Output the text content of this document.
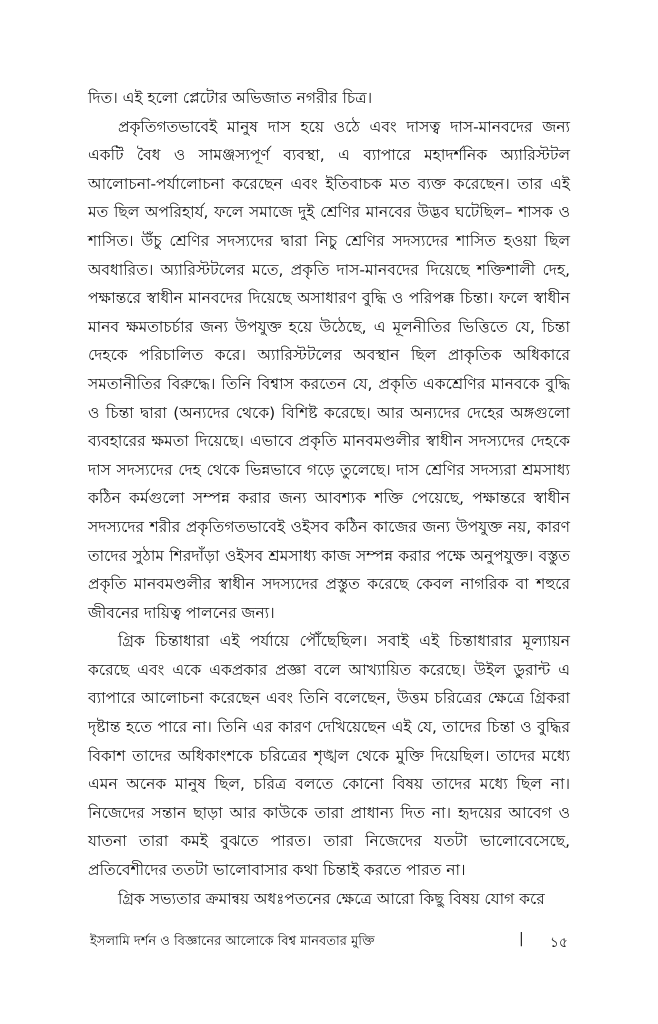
দিত। এই হলো প্লেটোর অভিজাত নগরীর চিত্র।

প্রকৃতিগতভাবেই মানুষ দাস হয়ে ওঠে এবং দাসত্ব দাস-মানবদের জন্য একটি বৈধ ও সামঞ্জস্যপূর্ণ ব্যবস্থা, এ ব্যাপারে মহাদর্শনিক অ্যারিস্টটল আলোচনা-পর্যালোচনা করেছেন এবং ইতিবাচক মত ব্যক্ত করেছেন। তার এই মত ছিল অপরিহার্য, ফলে সমাজে দুই শ্রেণির মানবের উদ্ভব ঘটেছিল– শাসক ও শাসিত। উঁচু শ্রেণির সদস্যদের দ্বারা নিচু শ্রেণির সদস্যদের শাসিত হওয়া ছিল অবধারিত। অ্যারিস্টটলের মতে, প্রকৃতি দাস-মানবদের দিয়েছে শক্তিশালী দেহ, পক্ষান্তরে স্বাধীন মানবদের দিয়েছে অসাধারণ বুদ্ধি ও পরিপক্ক চিন্তা। ফলে স্বাধীন মানব ক্ষমতাচর্চার জন্য উপযুক্ত হয়ে উঠেছে, এ মূলনীতির ভিত্তিতে যে, চিন্তা দেহকে পরিচালিত করে। অ্যারিস্টটলের অবস্থান ছিল প্রাকৃতিক অধিকারে সমতানীতির বিরুদ্ধে। তিনি বিশ্বাস করতেন যে, প্রকৃতি একশ্রেণির মানবকে বুদ্ধি ও চিন্তা দ্বারা (অন্যদের থেকে) বিশিষ্ট করেছে। আর অন্যদের দেহের অঙ্গগুলো ব্যবহারের ক্ষমতা দিয়েছে। এভাবে প্রকৃতি মানবমণ্ডলীর স্বাধীন সদস্যদের দেহকে দাস সদস্যদের দেহ থেকে ভিন্নভাবে গড়ে তুলেছে। দাস শ্রেণির সদস্যরা শ্রমসাধ্য কঠিন কর্মগুলো সম্পন্ন করার জন্য আবশ্যক শক্তি পেয়েছে, পক্ষান্তরে স্বাধীন সদস্যদের শরীর প্রকৃতিগতভাবেই ওইসব কঠিন কাজের জন্য উপযুক্ত নয়, কারণ তাদের সুঠাম শিরদাঁড়া ওইসব শ্রমসাধ্য কাজ সম্পন্ন করার পক্ষে অনুপযুক্ত। বস্তুত প্রকৃতি মানবমণ্ডলীর স্বাধীন সদস্যদের প্রস্তুত করেছে কেবল নাগরিক বা শহুরে জীবনের দায়িত্ব পালনের জন্য।

গ্রিক চিন্তাধারা এই পর্যায়ে পৌঁছেছিল। সবাই এই চিন্তাধারার মূল্যায়ন করেছে এবং একে একপ্রকার প্রজ্ঞা বলে আখ্যায়িত করেছে। উইল ডুরান্ট এ ব্যাপারে আলোচনা করেছেন এবং তিনি বলেছেন, উত্তম চরিত্রের ক্ষেত্রে গ্রিকরা দৃষ্টান্ত হতে পারে না। তিনি এর কারণ দেখিয়েছেন এই যে, তাদের চিন্তা ও বুদ্ধির বিকাশ তাদের অধিকাংশকে চরিত্রের শৃঙ্খল থেকে মুক্তি দিয়েছিল। তাদের মধ্যে এমন অনেক মানুষ ছিল, চরিত্র বলতে কোনো বিষয় তাদের মধ্যে ছিল না। নিজেদের সন্তান ছাড়া আর কাউকে তারা প্রাধান্য দিত না। হৃদয়ের আবেগ ও যাতনা তারা কমই বুঝতে পারত। তারা নিজেদের যতটা ভালোবেসেছে, প্রতিবেশীদের ততটা ভালোবাসার কথা চিন্তাই করতে পারত না।

গ্রিক সভ্যতার ক্রমান্বয় অধঃপতনের ক্ষেত্রে আরো কিছু বিষয় যোগ করে

ইসলামি দর্শন ও বিজ্ঞানের আলোকে বিশ্ব মানবতার মুক্তি	| ১৫
